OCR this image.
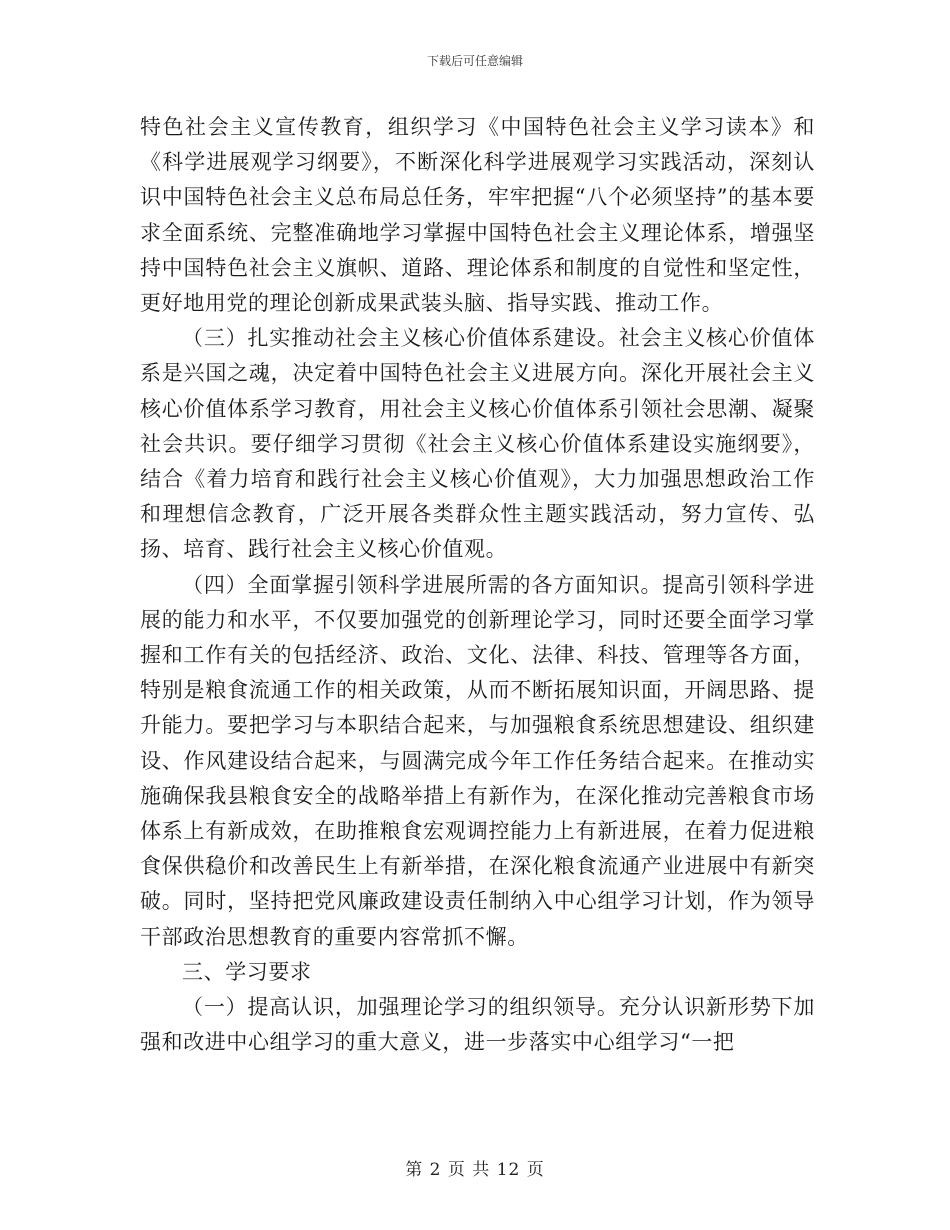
下载后可任意编辑

特色社会主义宣传教育，组织学习《中国特色社会主义学习读本》和《科学进展观学习纲要》，不断深化科学进展观学习实践活动，深刻认识中国特色社会主义总布局总任务，牢牢把握“八个必须坚持”的基本要求全面系统、完整准确地学习掌握中国特色社会主义理论体系，增强坚持中国特色社会主义旗帜、道路、理论体系和制度的自觉性和坚定性，更好地用党的理论创新成果武装头脑、指导实践、推动工作。

（三）扎实推动社会主义核心价值体系建设。社会主义核心价值体系是兴国之魂，决定着中国特色社会主义进展方向。深化开展社会主义核心价值体系学习教育，用社会主义核心价值体系引领社会思潮、凝聚社会共识。要仔细学习贯彻《社会主义核心价值体系建设实施纲要》，结合《着力培育和践行社会主义核心价值观》，大力加强思想政治工作和理想信念教育，广泛开展各类群众性主题实践活动，努力宣传、弘扬、培育、践行社会主义核心价值观。

（四）全面掌握引领科学进展所需的各方面知识。提高引领科学进展的能力和水平，不仅要加强党的创新理论学习，同时还要全面学习掌握和工作有关的包括经济、政治、文化、法律、科技、管理等各方面，特别是粮食流通工作的相关政策，从而不断拓展知识面，开阔思路、提升能力。要把学习与本职结合起来，与加强粮食系统思想建设、组织建设、作风建设结合起来，与圆满完成今年工作任务结合起来。在推动实施确保我县粮食安全的战略举措上有新作为，在深化推动完善粮食市场体系上有新成效，在助推粮食宏观调控能力上有新进展，在着力促进粮食保供稳价和改善民生上有新举措，在深化粮食流通产业进展中有新突破。同时，坚持把党风廉政建设责任制纳入中心组学习计划，作为领导干部政治思想教育的重要内容常抓不懈。

三、学习要求

（一）提高认识，加强理论学习的组织领导。充分认识新形势下加强和改进中心组学习的重大意义，进一步落实中心组学习“一把

第 2 页 共 12 页
